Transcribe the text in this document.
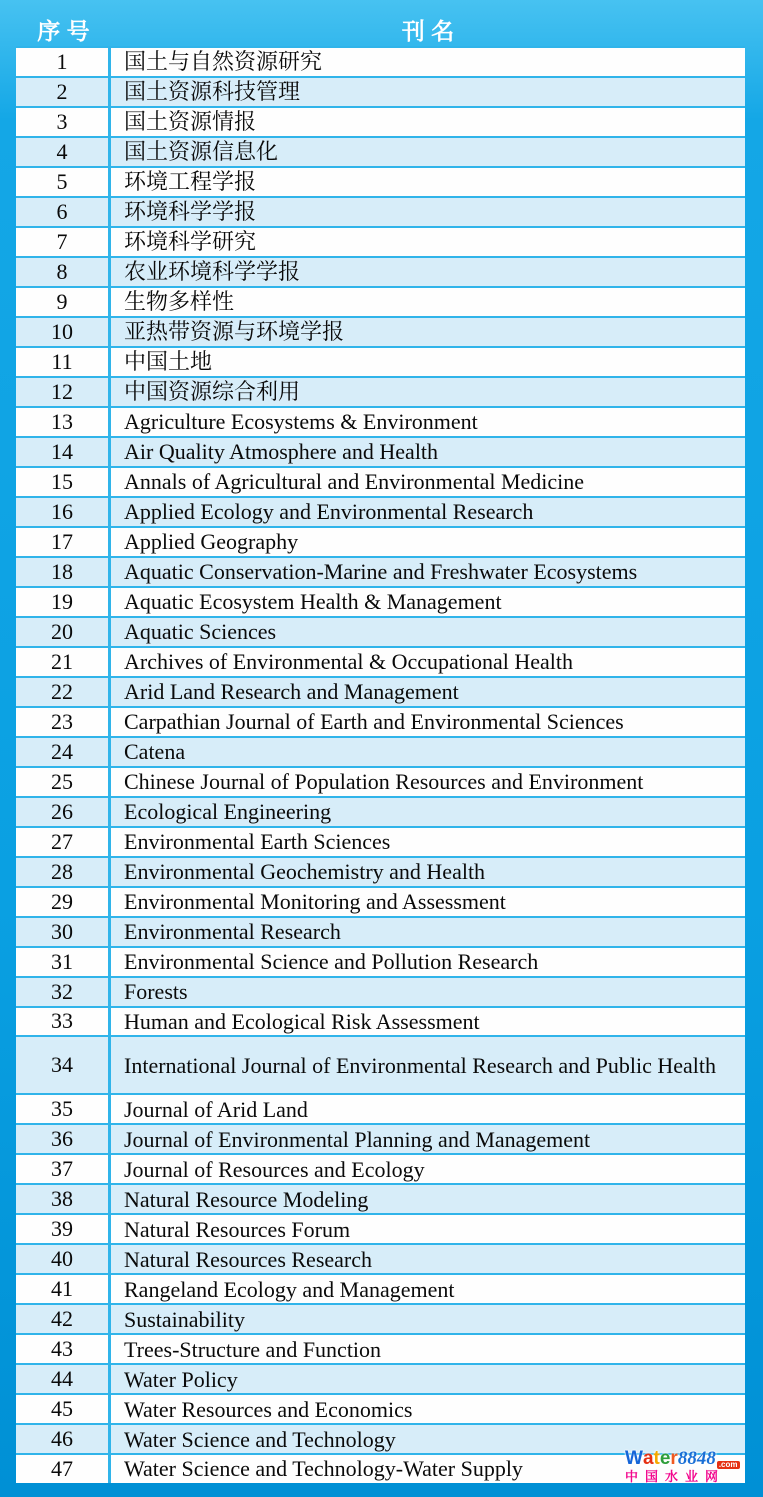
序 号	刊 名
1	国土与自然资源研究
2	国土资源科技管理
3	国土资源情报
4	国土资源信息化
5	环境工程学报
6	环境科学学报
7	环境科学研究
8	农业环境科学学报
9	生物多样性
10	亚热带资源与环境学报
11	中国土地
12	中国资源综合利用
13	Agriculture Ecosystems & Environment
14	Air Quality Atmosphere and Health
15	Annals of Agricultural and Environmental Medicine
16	Applied Ecology and Environmental Research
17	Applied Geography
18	Aquatic Conservation-Marine and Freshwater Ecosystems
19	Aquatic Ecosystem Health & Management
20	Aquatic Sciences
21	Archives of Environmental & Occupational Health
22	Arid Land Research and Management
23	Carpathian Journal of Earth and Environmental Sciences
24	Catena
25	Chinese Journal of Population Resources and Environment
26	Ecological Engineering
27	Environmental Earth Sciences
28	Environmental Geochemistry and Health
29	Environmental Monitoring and Assessment
30	Environmental Research
31	Environmental Science and Pollution Research
32	Forests
33	Human and Ecological Risk Assessment
34	International Journal of Environmental Research and Public Health
35	Journal of Arid Land
36	Journal of Environmental Planning and Management
37	Journal of Resources and Ecology
38	Natural Resource Modeling
39	Natural Resources Forum
40	Natural Resources Research
41	Rangeland Ecology and Management
42	Sustainability
43	Trees-Structure and Function
44	Water Policy
45	Water Resources and Economics
46	Water Science and Technology
47	Water Science and Technology-Water Supply	W a t e r 8848 .com
中国水业网
